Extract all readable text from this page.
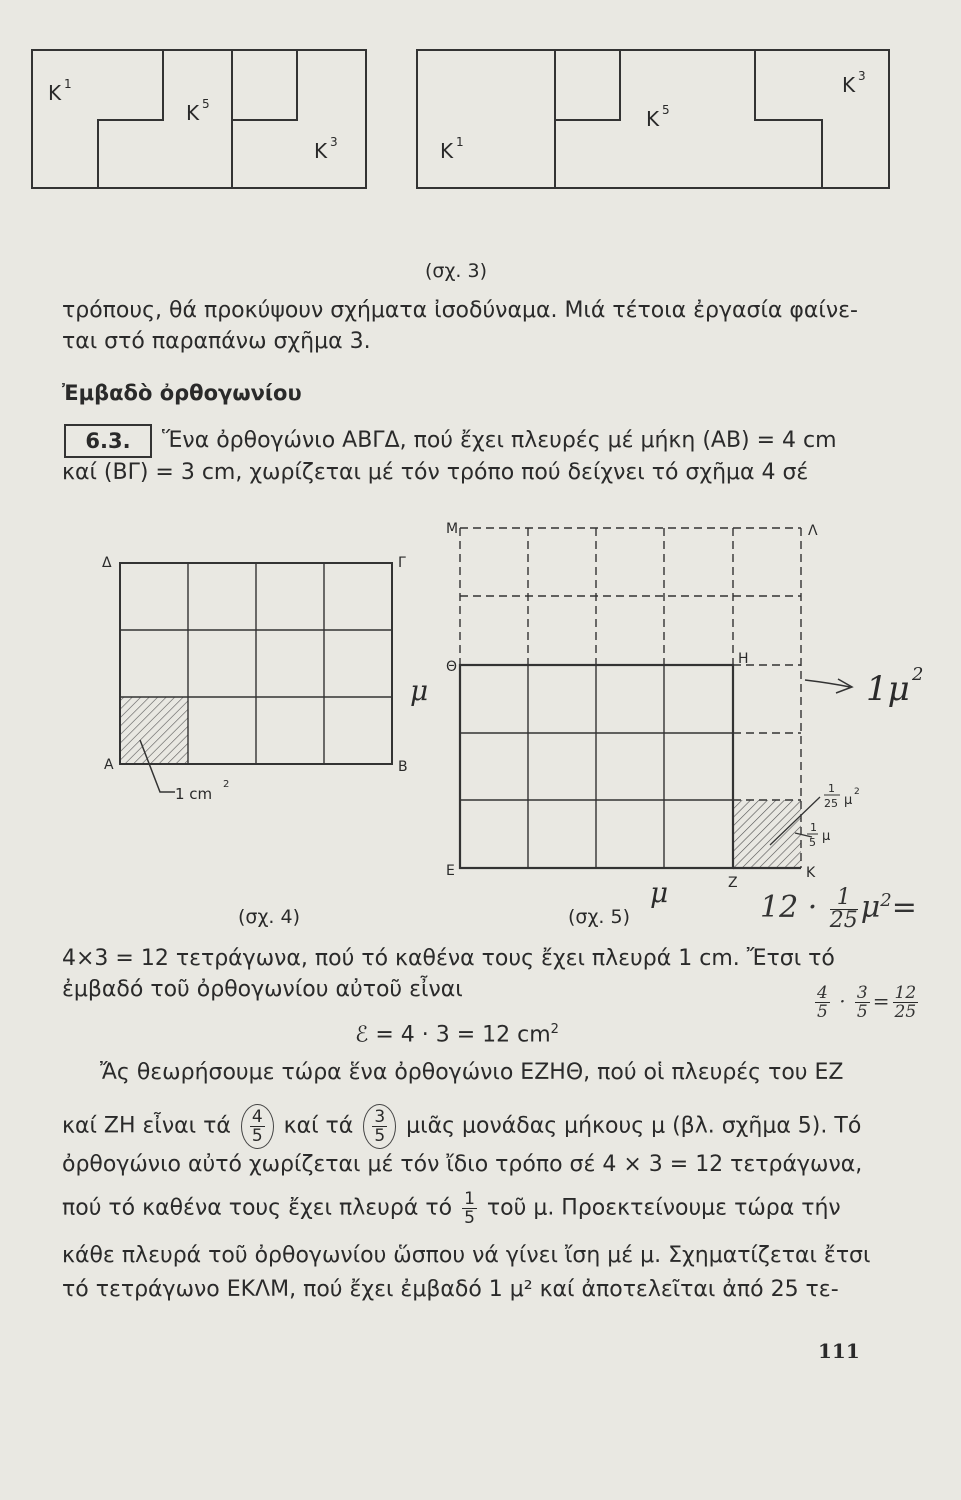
K 1
K 5
K 3	K 1
K 5
K 3
(σχ. 3)
τρόπους, θά προκύψουν σχήματα ἰσοδύναμα. Μιά τέτοια ἐργασία φαίνε-
ται στό παραπάνω σχῆμα 3.
Ἐμβαδὸ ὀρθογωνίου
6.3.	Ἕνα ὀρθογώνιο ΑΒΓΔ, πού ἔχει πλευρές μέ μήκη (ΑΒ) = 4 cm
καί (ΒΓ) = 3 cm, χωρίζεται μέ τόν τρόπο πού δείχνει τό σχῆμα 4 σέ
Δ	Γ
Α	Β
1 cm
2
μ
Μ	Λ
Θ	Η
Ε
Ζ
Κ
1
25 μ
2
1
5 μ
1μ 2
μ
(σχ. 4)	(σχ. 5)	$12 \cdot \frac{1}{25} \mu^2=$
$\frac{4}{5} \cdot \frac{3}{5} = \frac{12}{25}$
4×3 = 12 τετράγωνα, πού τό καθένα τους ἔχει πλευρά 1 cm. Ἔτσι τό
ἐμβαδό τοῦ ὀρθογωνίου αὐτοῦ εἶναι
ℰ = 4 · 3 = 12 $cm^2$
Ἄς θεωρήσουμε τώρα ἕνα ὀρθογώνιο ΕΖΗΘ, πού οἱ πλευρές του ΕΖ
καί ΖΗ εἶναι τά $\frac{4}{5}$ καί τά $\frac{3}{5}$ μιᾶς μονάδας μήκους μ (βλ. σχῆμα 5). Τό
ὀρθογώνιο αὐτό χωρίζεται μέ τόν ἴδιο τρόπο σέ 4 × 3 = 12 τετράγωνα,
πού τό καθένα τους ἔχει πλευρά τό $\frac{1}{5}$ τοῦ μ. Προεκτείνουμε τώρα τήν
κάθε πλευρά τοῦ ὀρθογωνίου ὥσπου νά γίνει ἴση μέ μ. Σχηματίζεται ἔτσι
τό τετράγωνο ΕΚΛΜ, πού ἔχει ἐμβαδό 1 μ² καί ἀποτελεῖται ἀπό 25 τε-
111
